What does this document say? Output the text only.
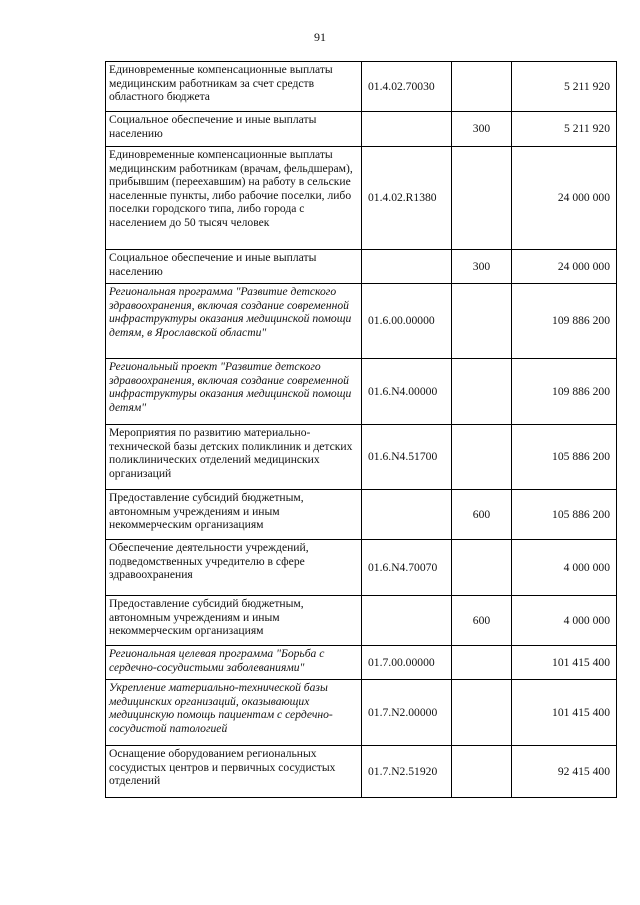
91
Единовременные компенсационные выплаты медицинским работникам за счет средств областного бюджета	01.4.02.70030		5 211 920
Социальное обеспечение и иные выплаты населению		300	5 211 920
Единовременные компенсационные выплаты медицинским работникам (врачам, фельдшерам), прибывшим (переехавшим) на работу в сельские населенные пункты, либо рабочие поселки, либо поселки городского типа, либо города с населением до 50 тысяч человек	01.4.02.R1380		24 000 000
Социальное обеспечение и иные выплаты населению		300	24 000 000
Региональная программа "Развитие детского здравоохранения, включая создание современной инфраструктуры оказания медицинской помощи детям, в Ярославской области"	01.6.00.00000		109 886 200
Региональный проект "Развитие детского здравоохранения, включая создание современной инфраструктуры оказания медицинской помощи детям"	01.6.N4.00000		109 886 200
Мероприятия по развитию материально-технической базы детских поликлиник и детских поликлинических отделений медицинских организаций	01.6.N4.51700		105 886 200
Предоставление субсидий бюджетным, автономным учреждениям и иным некоммерческим организациям		600	105 886 200
Обеспечение деятельности учреждений, подведомственных учредителю в сфере здравоохранения	01.6.N4.70070		4 000 000
Предоставление субсидий бюджетным, автономным учреждениям и иным некоммерческим организациям		600	4 000 000
Региональная целевая программа "Борьба с сердечно-сосудистыми заболеваниями"	01.7.00.00000		101 415 400
Укрепление материально-технической базы медицинских организаций, оказывающих медицинскую помощь пациентам с сердечно-сосудистой патологией	01.7.N2.00000		101 415 400
Оснащение оборудованием региональных сосудистых центров и первичных сосудистых отделений	01.7.N2.51920		92 415 400
